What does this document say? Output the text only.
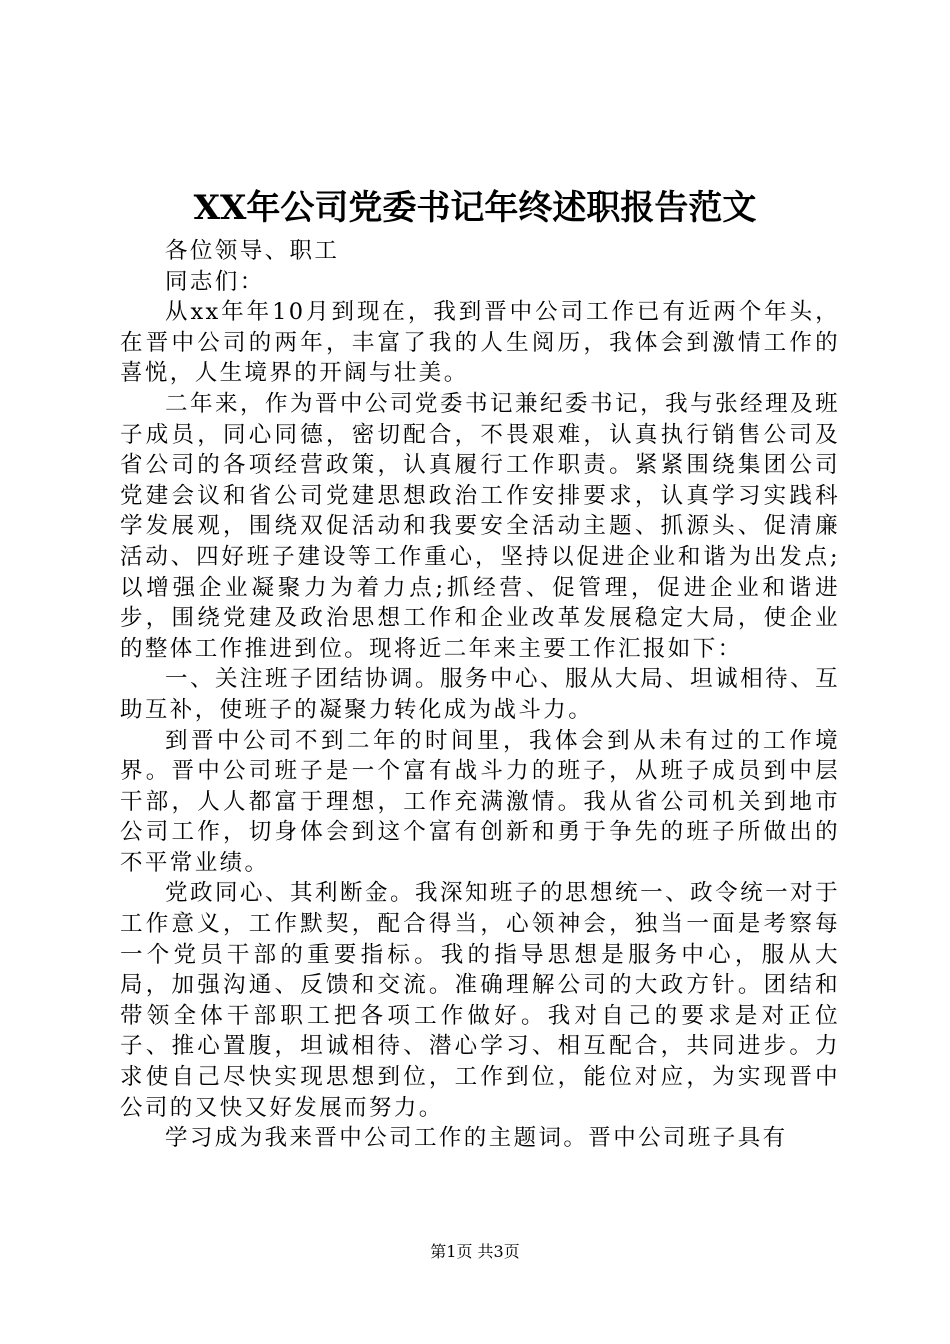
XX年公司党委书记年终述职报告范文

各位领导、职工

同志们：

从xx年年10月到现在，我到晋中公司工作已有近两个年头，在晋中公司的两年，丰富了我的人生阅历，我体会到激情工作的喜悦，人生境界的开阔与壮美。

二年来，作为晋中公司党委书记兼纪委书记，我与张经理及班子成员，同心同德，密切配合，不畏艰难，认真执行销售公司及省公司的各项经营政策，认真履行工作职责。紧紧围绕集团公司党建会议和省公司党建思想政治工作安排要求，认真学习实践科学发展观，围绕双促活动和我要安全活动主题、抓源头、促清廉活动、四好班子建设等工作重心，坚持以促进企业和谐为出发点;以增强企业凝聚力为着力点;抓经营、促管理，促进企业和谐进步，围绕党建及政治思想工作和企业改革发展稳定大局，使企业的整体工作推进到位。现将近二年来主要工作汇报如下：

一、关注班子团结协调。服务中心、服从大局、坦诚相待、互助互补，使班子的凝聚力转化成为战斗力。

到晋中公司不到二年的时间里，我体会到从未有过的工作境界。晋中公司班子是一个富有战斗力的班子，从班子成员到中层干部，人人都富于理想，工作充满激情。我从省公司机关到地市公司工作，切身体会到这个富有创新和勇于争先的班子所做出的不平常业绩。

党政同心、其利断金。我深知班子的思想统一、政令统一对于工作意义，工作默契，配合得当，心领神会，独当一面是考察每一个党员干部的重要指标。我的指导思想是服务中心，服从大局，加强沟通、反馈和交流。准确理解公司的大政方针。团结和带领全体干部职工把各项工作做好。我对自己的要求是对正位子、推心置腹，坦诚相待、潜心学习、相互配合，共同进步。力求使自己尽快实现思想到位，工作到位，能位对应，为实现晋中公司的又快又好发展而努力。

学习成为我来晋中公司工作的主题词。晋中公司班子具有

第1页 共3页
